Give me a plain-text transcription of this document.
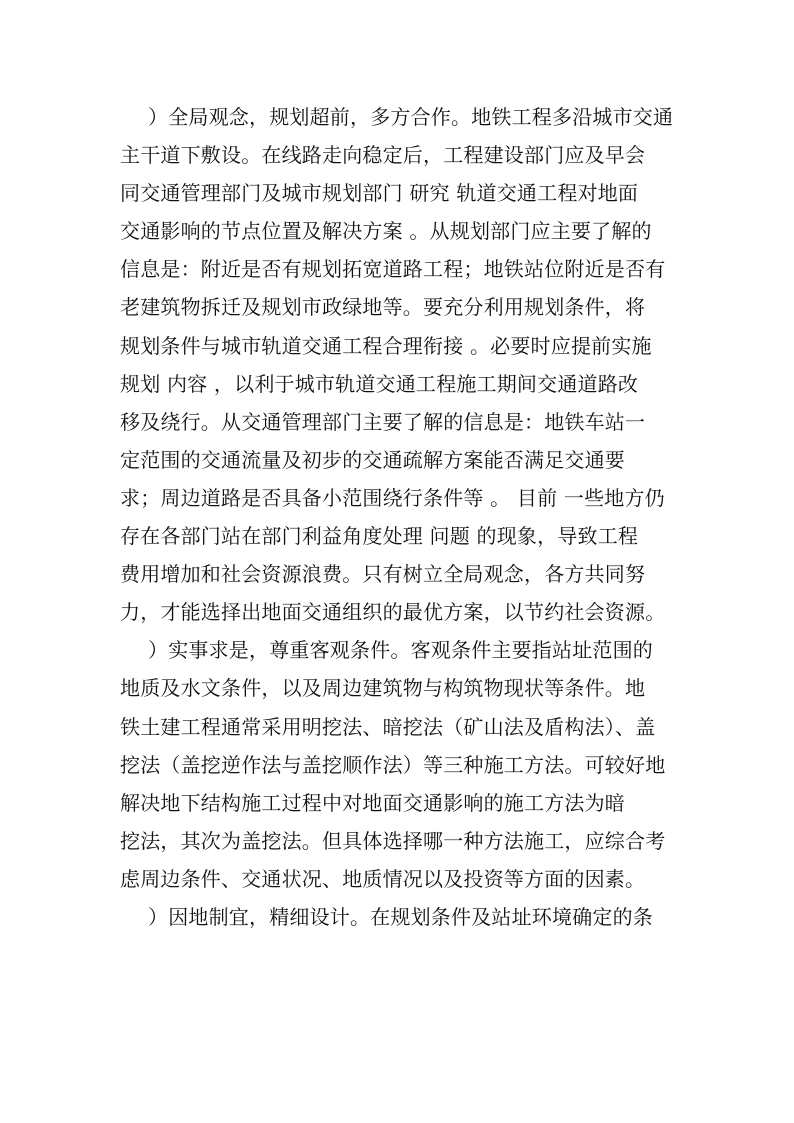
）全局观念，规划超前，多方合作。地铁工程多沿城市交通
主干道下敷设。在线路走向稳定后，工程建设部门应及早会
同交通管理部门及城市规划部门 研究 轨道交通工程对地面
交通影响的节点位置及解决方案 。从规划部门应主要了解的
信息是：附近是否有规划拓宽道路工程；地铁站位附近是否有
老建筑物拆迁及规划市政绿地等。要充分利用规划条件，将
规划条件与城市轨道交通工程合理衔接 。必要时应提前实施
规划 内容 ，以利于城市轨道交通工程施工期间交通道路改
移及绕行。从交通管理部门主要了解的信息是：地铁车站一
定范围的交通流量及初步的交通疏解方案能否满足交通要
求；周边道路是否具备小范围绕行条件等 。 目前 一些地方仍
存在各部门站在部门利益角度处理 问题 的现象，导致工程
费用增加和社会资源浪费。只有树立全局观念，各方共同努
力，才能选择出地面交通组织的最优方案，以节约社会资源。
）实事求是，尊重客观条件。客观条件主要指站址范围的
地质及水文条件，以及周边建筑物与构筑物现状等条件。地
铁土建工程通常采用明挖法、暗挖法（矿山法及盾构法）、盖
挖法（盖挖逆作法与盖挖顺作法）等三种施工方法。可较好地
解决地下结构施工过程中对地面交通影响的施工方法为暗
挖法，其次为盖挖法。但具体选择哪一种方法施工，应综合考
虑周边条件、交通状况、地质情况以及投资等方面的因素。
）因地制宜，精细设计。在规划条件及站址环境确定的条
